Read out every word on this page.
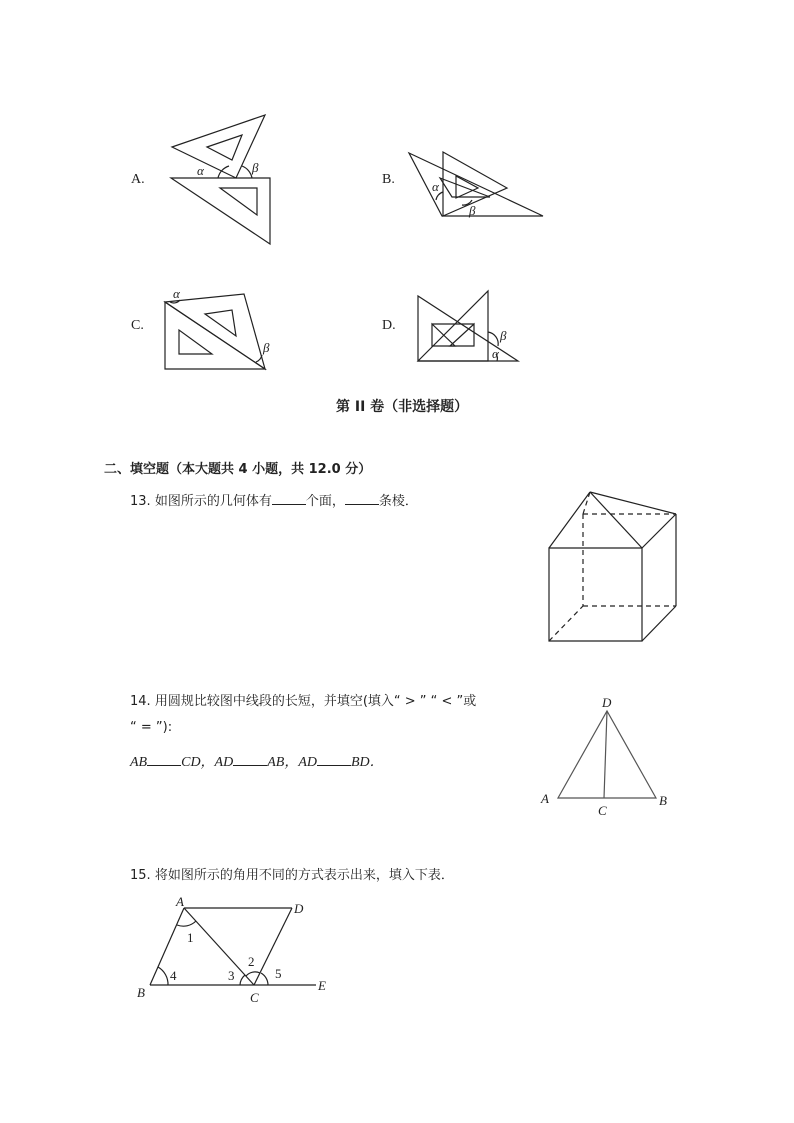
A.
α	β
B.	α
β
C.
α
β
D.
β
α
第 II 卷（非选择题）
二、填空题（本大题共 4 小题，共 12.0 分）
13. 如图所示的几何体有	个面，	条棱．
14. 用圆规比较图中线段的长短，并填空(填入“ > ” “ < ”或
“ = ”):
AB CD，AD AB，AD BD．
D
A	B
C
15. 将如图所示的角用不同的方式表示出来，填入下表．
A	D
B	C
E
1
4	3
2
5
